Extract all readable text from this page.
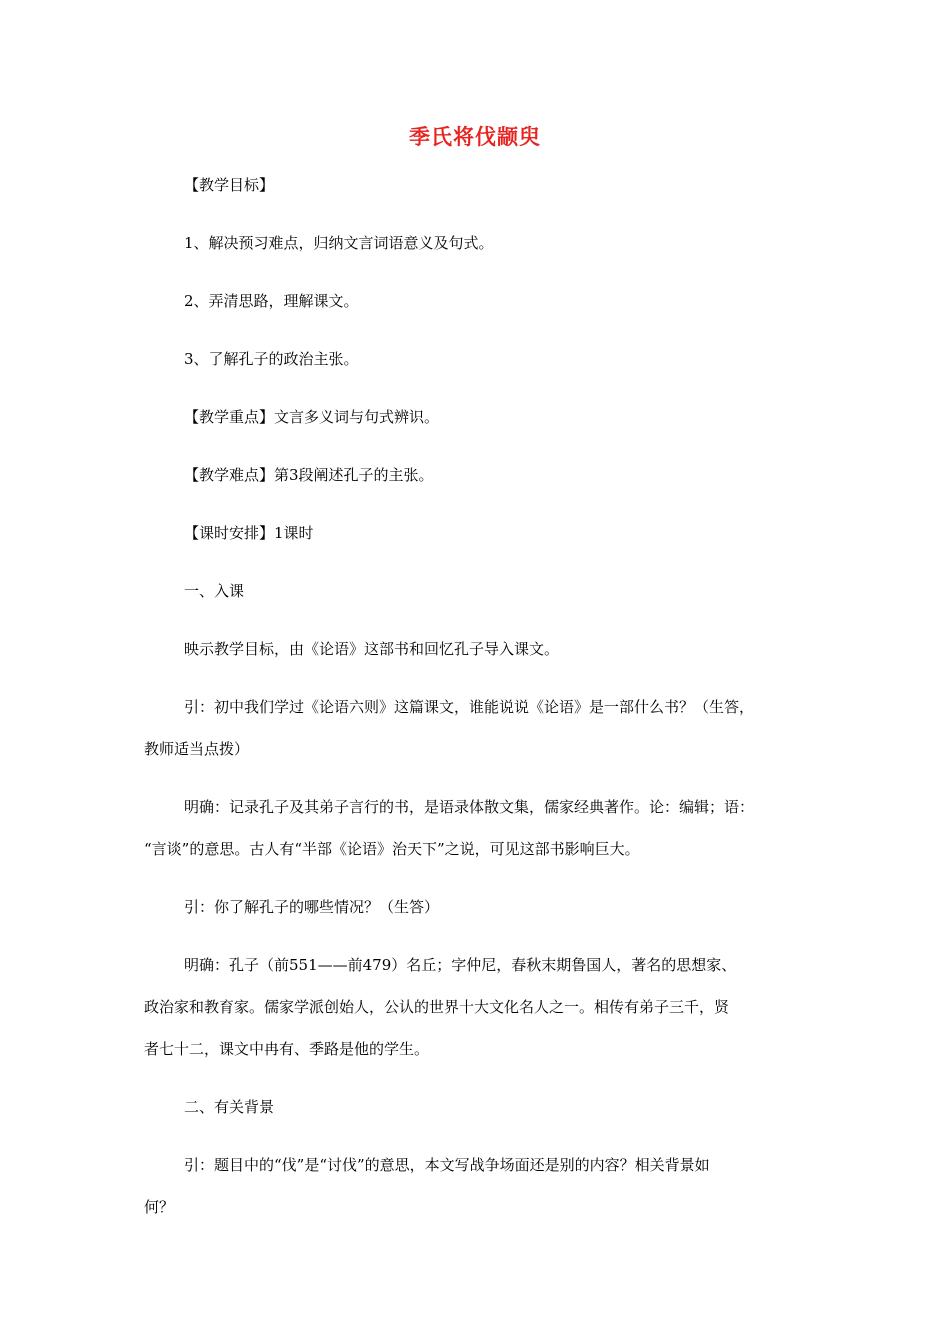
季氏将伐颛臾
【教学目标】
1、解决预习难点，归纳文言词语意义及句式。
2、弄清思路，理解课文。
3、了解孔子的政治主张。
【教学重点】文言多义词与句式辨识。
【教学难点】第3段阐述孔子的主张。
【课时安排】1课时
一、入课
映示教学目标，由《论语》这部书和回忆孔子导入课文。
引：初中我们学过《论语六则》这篇课文，谁能说说《论语》是一部什么书？（生答，
教师适当点拨）
明确：记录孔子及其弟子言行的书，是语录体散文集，儒家经典著作。论：编辑；语：
“言谈”的意思。古人有“半部《论语》治天下”之说，可见这部书影响巨大。
引：你了解孔子的哪些情况？（生答）
明确：孔子（前551——前479）名丘；字仲尼，春秋末期鲁国人，著名的思想家、
政治家和教育家。儒家学派创始人，公认的世界十大文化名人之一。相传有弟子三千，贤
者七十二，课文中冉有、季路是他的学生。
二、有关背景
引：题目中的“伐”是“讨伐”的意思，本文写战争场面还是别的内容？相关背景如
何？
